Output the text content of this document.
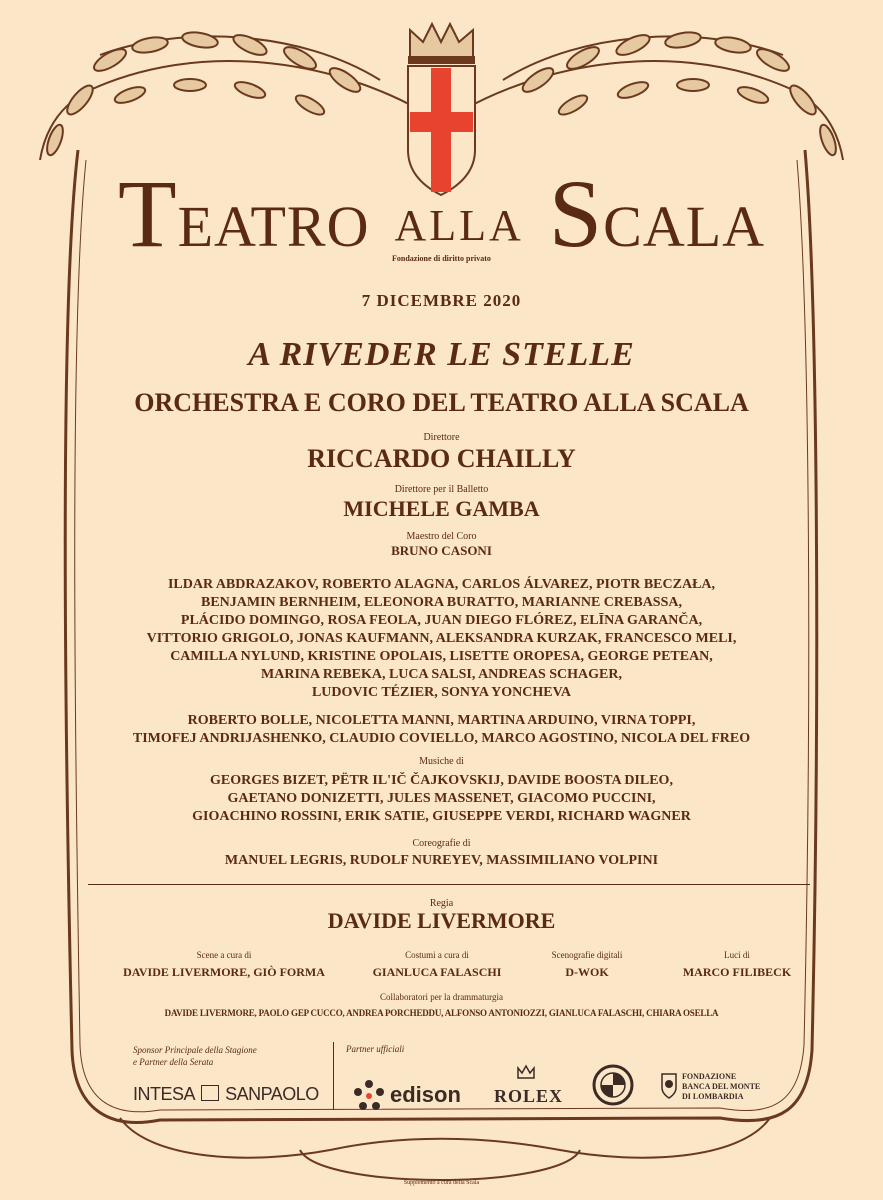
TEATRO ALLA SCALA
Fondazione di diritto privato
7 DICEMBRE 2020
A RIVEDER LE STELLE
ORCHESTRA E CORO DEL TEATRO ALLA SCALA
Direttore
RICCARDO CHAILLY
Direttore per il Balletto
MICHELE GAMBA
Maestro del Coro
BRUNO CASONI
ILDAR ABDRAZAKOV, ROBERTO ALAGNA, CARLOS ÁLVAREZ, PIOTR BECZAŁA,
BENJAMIN BERNHEIM, ELEONORA BURATTO, MARIANNE CREBASSA,
PLÁCIDO DOMINGO, ROSA FEOLA, JUAN DIEGO FLÓREZ, ELĪNA GARANČA,
VITTORIO GRIGOLO, JONAS KAUFMANN, ALEKSANDRA KURZAK, FRANCESCO MELI,
CAMILLA NYLUND, KRISTINE OPOLAIS, LISETTE OROPESA, GEORGE PETEAN,
MARINA REBEKA, LUCA SALSI, ANDREAS SCHAGER,
LUDOVIC TÉZIER, SONYA YONCHEVA
ROBERTO BOLLE, NICOLETTA MANNI, MARTINA ARDUINO, VIRNA TOPPI,
TIMOFEJ ANDRIJASHENKO, CLAUDIO COVIELLO, MARCO AGOSTINO, NICOLA DEL FREO
Musiche di
GEORGES BIZET, PËTR IL'IČ ČAJKOVSKIJ, DAVIDE BOOSTA DILEO,
GAETANO DONIZETTI, JULES MASSENET, GIACOMO PUCCINI,
GIOACHINO ROSSINI, ERIK SATIE, GIUSEPPE VERDI, RICHARD WAGNER
Coreografie di
MANUEL LEGRIS, RUDOLF NUREYEV, MASSIMILIANO VOLPINI
Regia
DAVIDE LIVERMORE
Scene a cura di
DAVIDE LIVERMORE, GIÒ FORMA
Costumi a cura di
GIANLUCA FALASCHI
Scenografie digitali
D-WOK
Luci di
MARCO FILIBECK
Collaboratori per la drammaturgia
DAVIDE LIVERMORE, PAOLO GEP CUCCO, ANDREA PORCHEDDU, ALFONSO ANTONIOZZI, GIANLUCA FALASCHI, CHIARA OSELLA
Sponsor Principale della Stagione
e Partner della Serata
Partner ufficiali
INTESA SANPAOLO	edison ROLEX
FONDAZIONE
BANCA DEL MONTE
DI LOMBARDIA
Supplemento a cura della Scala
